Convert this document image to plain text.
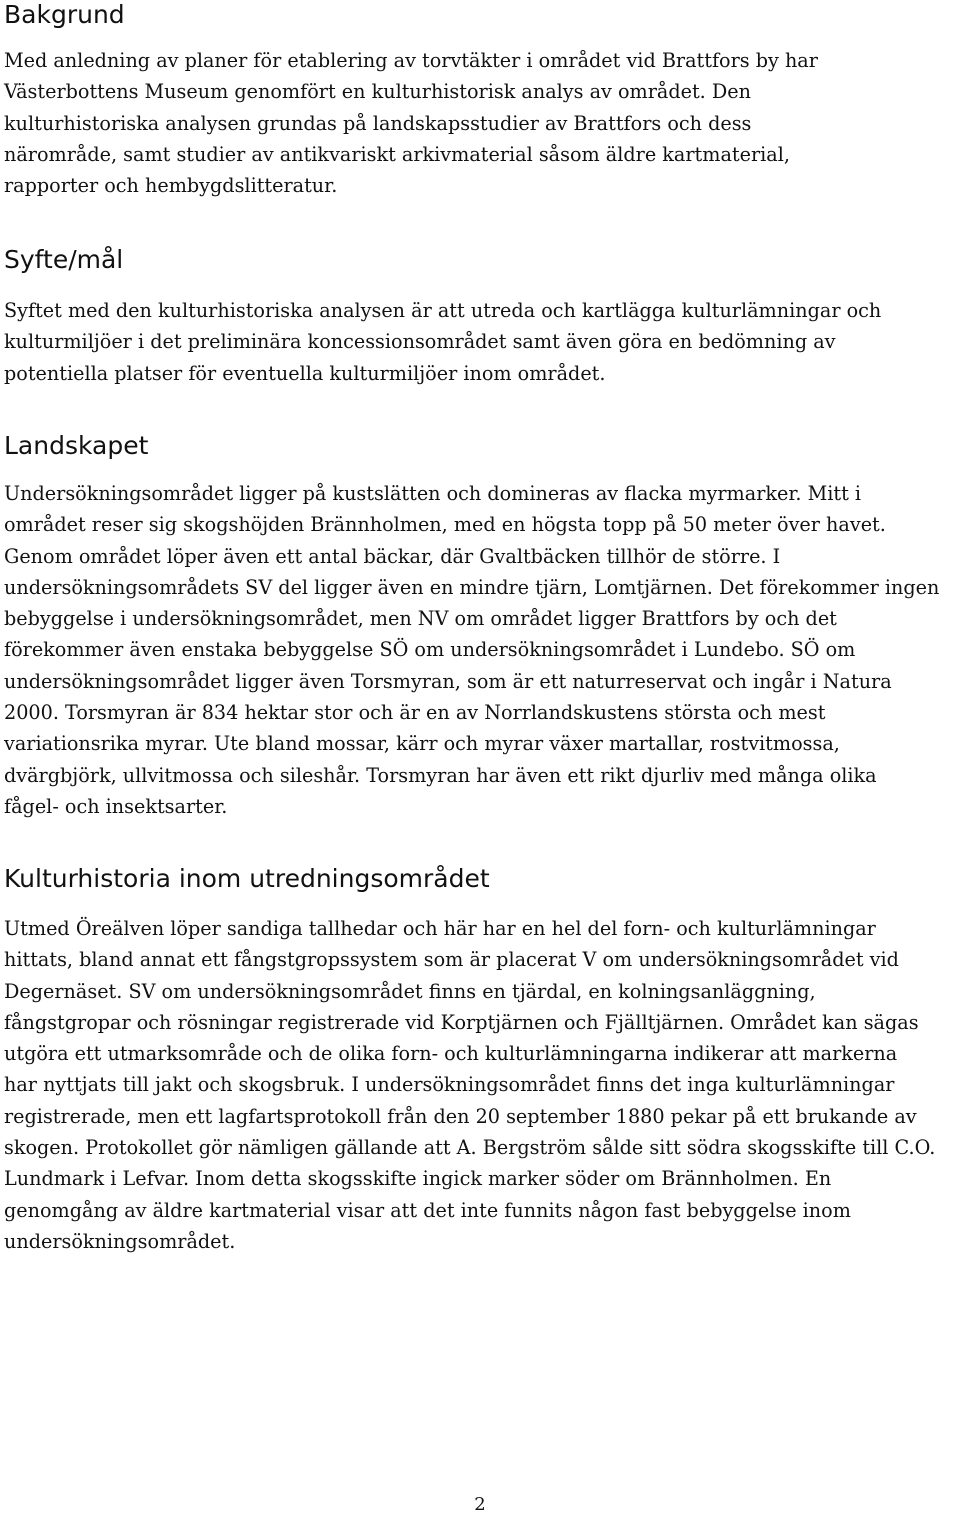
Bakgrund

Med anledning av planer för etablering av torvtäkter i området vid Brattfors by har
Västerbottens Museum genomfört en kulturhistorisk analys av området. Den
kulturhistoriska analysen grundas på landskapsstudier av Brattfors och dess
närområde, samt studier av antikvariskt arkivmaterial såsom äldre kartmaterial,
rapporter och hembygdslitteratur.

Syfte/mål

Syftet med den kulturhistoriska analysen är att utreda och kartlägga kulturlämningar och
kulturmiljöer i det preliminära koncessionsområdet samt även göra en bedömning av
potentiella platser för eventuella kulturmiljöer inom området.

Landskapet

Undersökningsområdet ligger på kustslätten och domineras av flacka myrmarker. Mitt i
området reser sig skogshöjden Brännholmen, med en högsta topp på 50 meter över havet.
Genom området löper även ett antal bäckar, där Gvaltbäcken tillhör de större. I
undersökningsområdets SV del ligger även en mindre tjärn, Lomtjärnen. Det förekommer ingen
bebyggelse i undersökningsområdet, men NV om området ligger Brattfors by och det
förekommer även enstaka bebyggelse SÖ om undersökningsområdet i Lundebo. SÖ om
undersökningsområdet ligger även Torsmyran, som är ett naturreservat och ingår i Natura
2000. Torsmyran är 834 hektar stor och är en av Norrlandskustens största och mest
variationsrika myrar. Ute bland mossar, kärr och myrar växer martallar, rostvitmossa,
dvärgbjörk, ullvitmossa och sileshår. Torsmyran har även ett rikt djurliv med många olika
fågel- och insektsarter.

Kulturhistoria inom utredningsområdet

Utmed Öreälven löper sandiga tallhedar och här har en hel del forn- och kulturlämningar
hittats, bland annat ett fångstgropssystem som är placerat V om undersökningsområdet vid
Degernäset. SV om undersökningsområdet finns en tjärdal, en kolningsanläggning,
fångstgropar och rösningar registrerade vid Korptjärnen och Fjälltjärnen. Området kan sägas
utgöra ett utmarksområde och de olika forn- och kulturlämningarna indikerar att markerna
har nyttjats till jakt och skogsbruk. I undersökningsområdet finns det inga kulturlämningar
registrerade, men ett lagfartsprotokoll från den 20 september 1880 pekar på ett brukande av
skogen. Protokollet gör nämligen gällande att A. Bergström sålde sitt södra skogsskifte till C.O.
Lundmark i Lefvar. Inom detta skogsskifte ingick marker söder om Brännholmen. En
genomgång av äldre kartmaterial visar att det inte funnits någon fast bebyggelse inom
undersökningsområdet.

2
